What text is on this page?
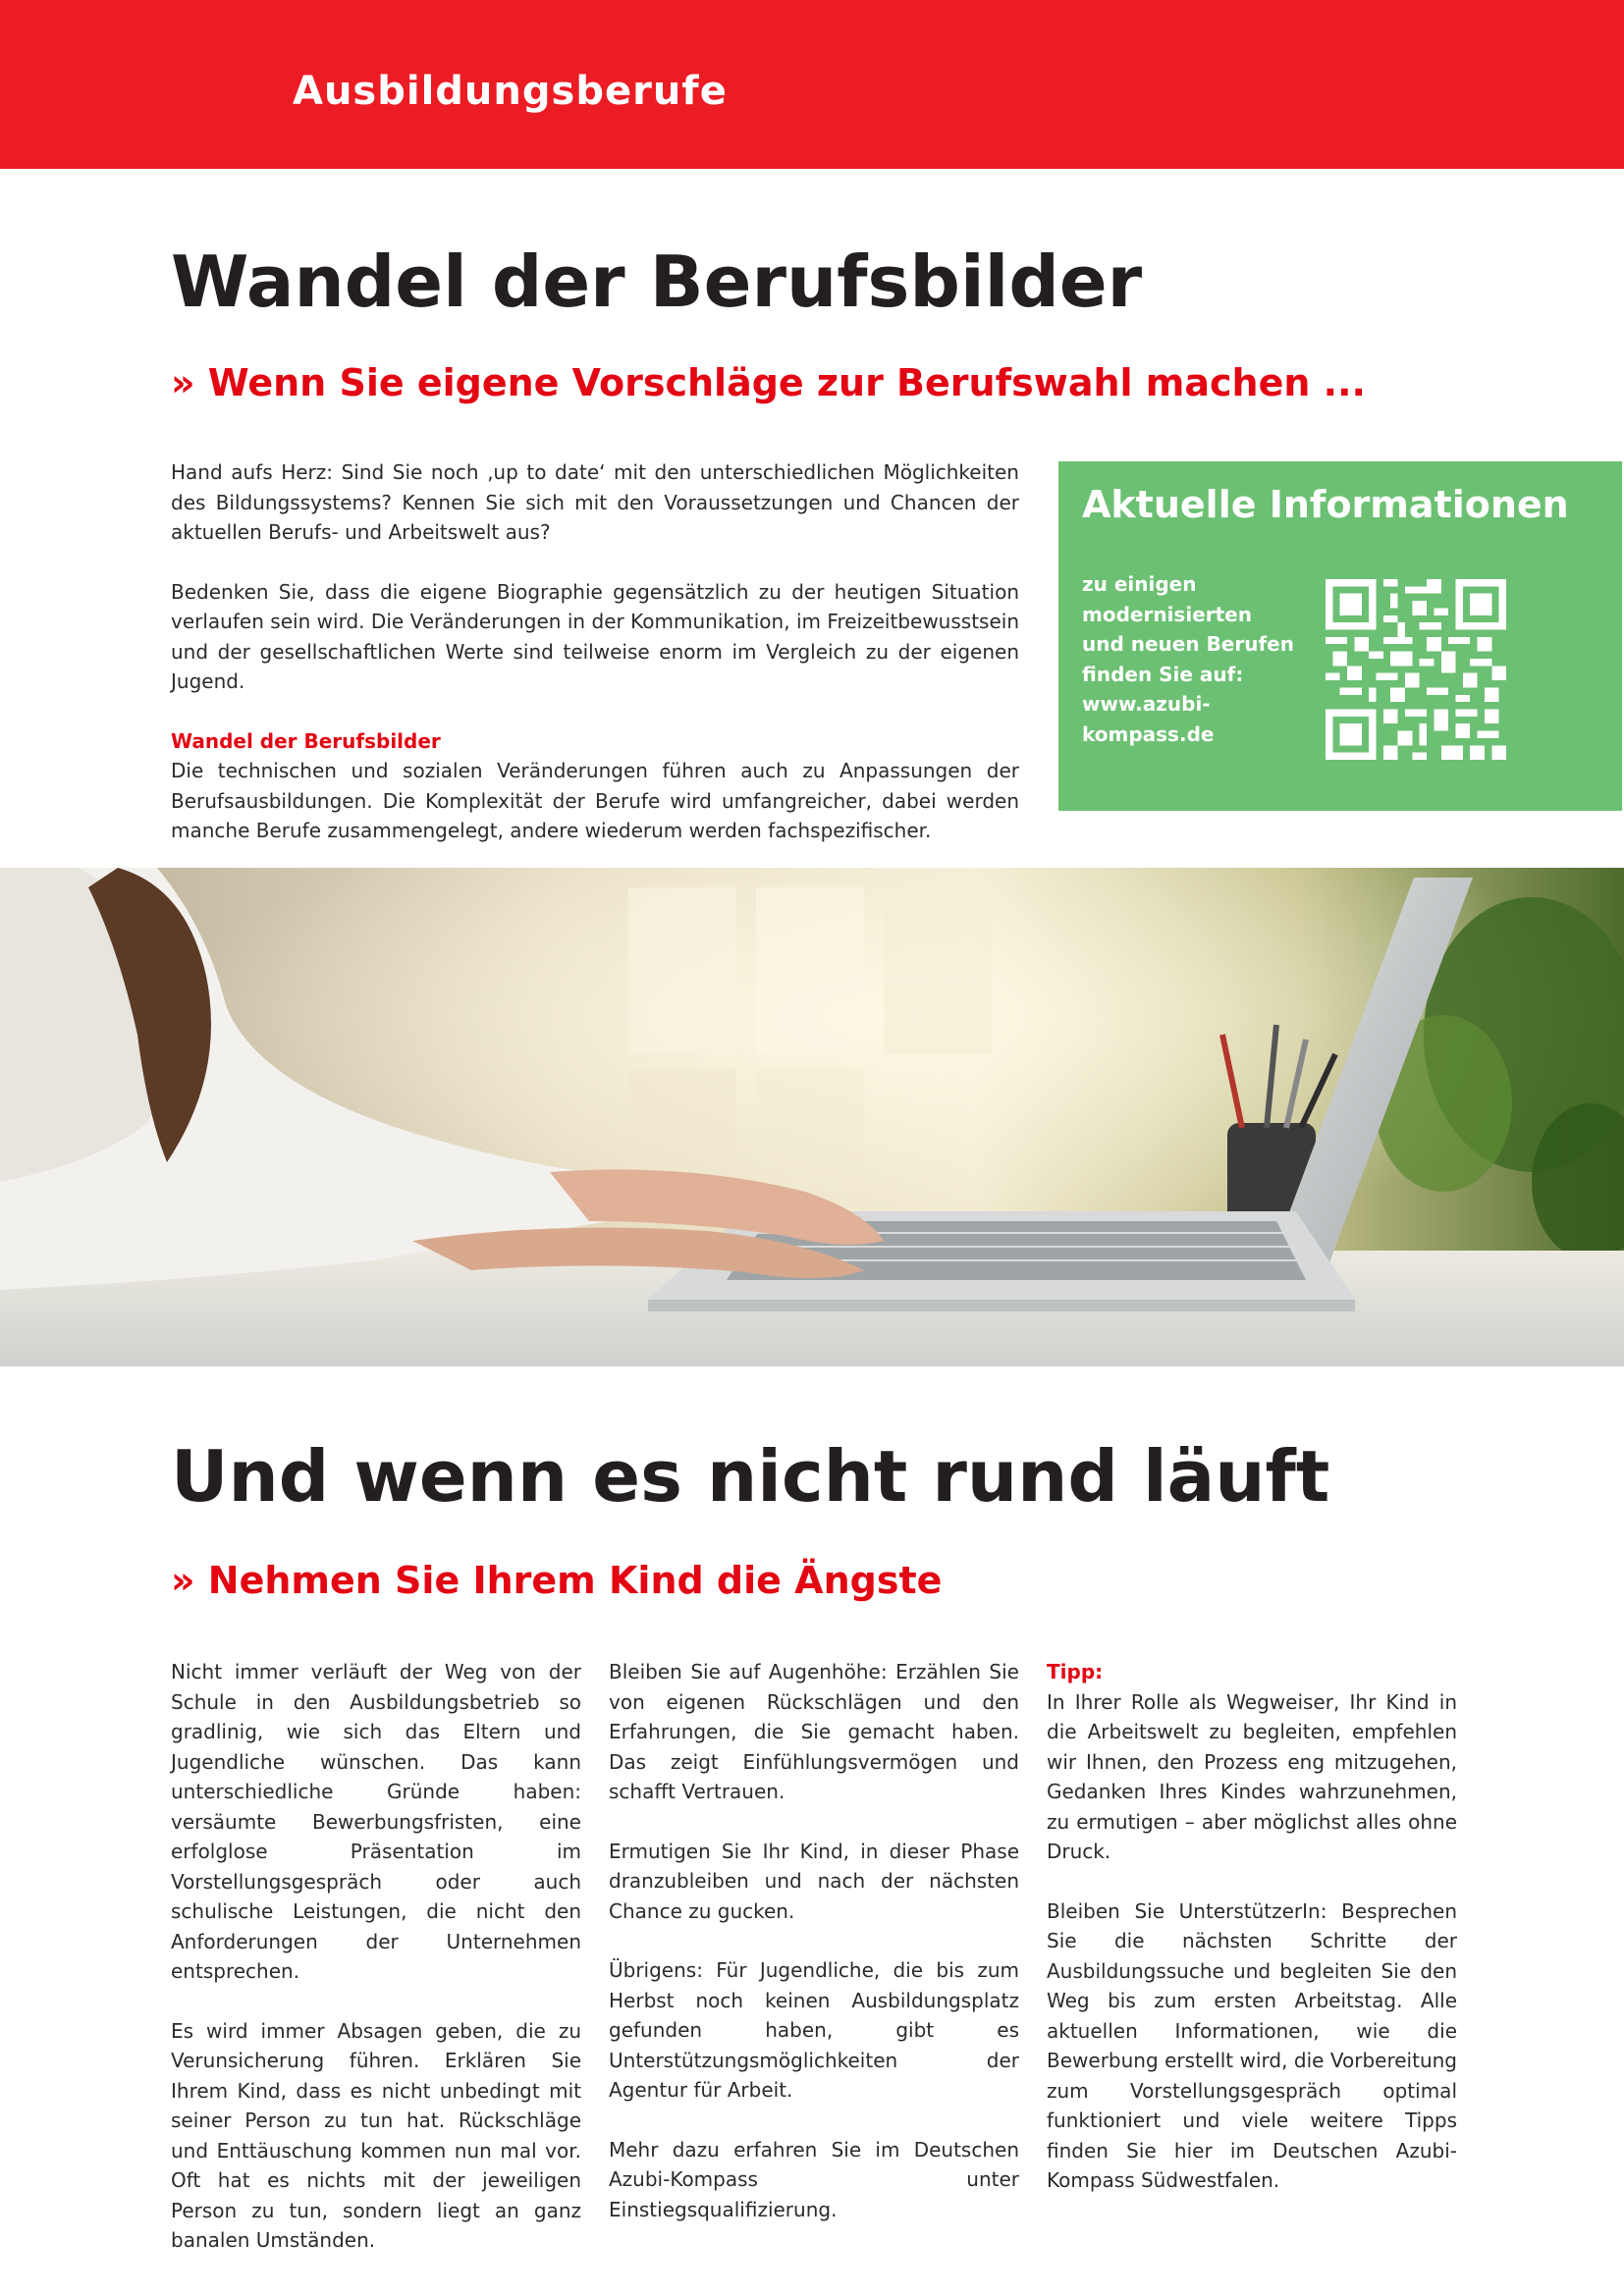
Ausbildungsberufe
Wandel der Berufsbilder
» Wenn Sie eigene Vorschläge zur Berufswahl machen ...

Hand aufs Herz: Sind Sie noch ‚up to date‘ mit den unterschiedlichen Möglichkeiten des Bildungssystems? Kennen Sie sich mit den Voraussetzungen und Chancen der aktuellen Berufs- und Arbeitswelt aus?

Bedenken Sie, dass die eigene Biographie gegensätzlich zu der heutigen Situation verlaufen sein wird. Die Veränderungen in der Kommunikation, im Freizeitbewusstsein und der gesellschaftlichen Werte sind teilweise enorm im Vergleich zu der eigenen Jugend.

Wandel der Berufsbilder
Die technischen und sozialen Veränderungen führen auch zu Anpassungen der Berufsausbildungen. Die Komplexität der Berufe wird umfangreicher, dabei werden manche Berufe zusammengelegt, andere wiederum werden fachspezifischer.

Aktuelle Informationen
zu einigen modernisierten und neuen Berufen finden Sie auf: www.azubi-kompass.de
Und wenn es nicht rund läuft
» Nehmen Sie Ihrem Kind die Ängste

Nicht immer verläuft der Weg von der Schule in den Ausbildungsbetrieb so gradlinig, wie sich das Eltern und Jugendliche wünschen. Das kann unterschiedliche Gründe haben: versäumte Bewerbungsfristen, eine erfolglose Präsentation im Vorstellungsgespräch oder auch schulische Leistungen, die nicht den Anforderungen der Unternehmen entsprechen.

Es wird immer Absagen geben, die zu Verunsicherung führen. Erklären Sie Ihrem Kind, dass es nicht unbedingt mit seiner Person zu tun hat. Rückschläge und Enttäuschung kommen nun mal vor. Oft hat es nichts mit der jeweiligen Person zu tun, sondern liegt an ganz banalen Umständen.

Bleiben Sie auf Augenhöhe: Erzählen Sie von eigenen Rückschlägen und den Erfahrungen, die Sie gemacht haben. Das zeigt Einfühlungsvermögen und schafft Vertrauen.

Ermutigen Sie Ihr Kind, in dieser Phase dranzubleiben und nach der nächsten Chance zu gucken.

Übrigens: Für Jugendliche, die bis zum Herbst noch keinen Ausbildungsplatz gefunden haben, gibt es Unterstützungsmöglichkeiten der Agentur für Arbeit.

Mehr dazu erfahren Sie im Deutschen Azubi-Kompass unter Einstiegsqualifizierung.

Tipp:
In Ihrer Rolle als Wegweiser, Ihr Kind in die Arbeitswelt zu begleiten, empfehlen wir Ihnen, den Prozess eng mitzugehen, Gedanken Ihres Kindes wahrzunehmen, zu ermutigen – aber möglichst alles ohne Druck.

Bleiben Sie UnterstützerIn: Besprechen Sie die nächsten Schritte der Ausbildungssuche und begleiten Sie den Weg bis zum ersten Arbeitstag. Alle aktuellen Informationen, wie die Bewerbung erstellt wird, die Vorbereitung zum Vorstellungsgespräch optimal funktioniert und viele weitere Tipps finden Sie hier im Deutschen Azubi-Kompass Südwestfalen.
